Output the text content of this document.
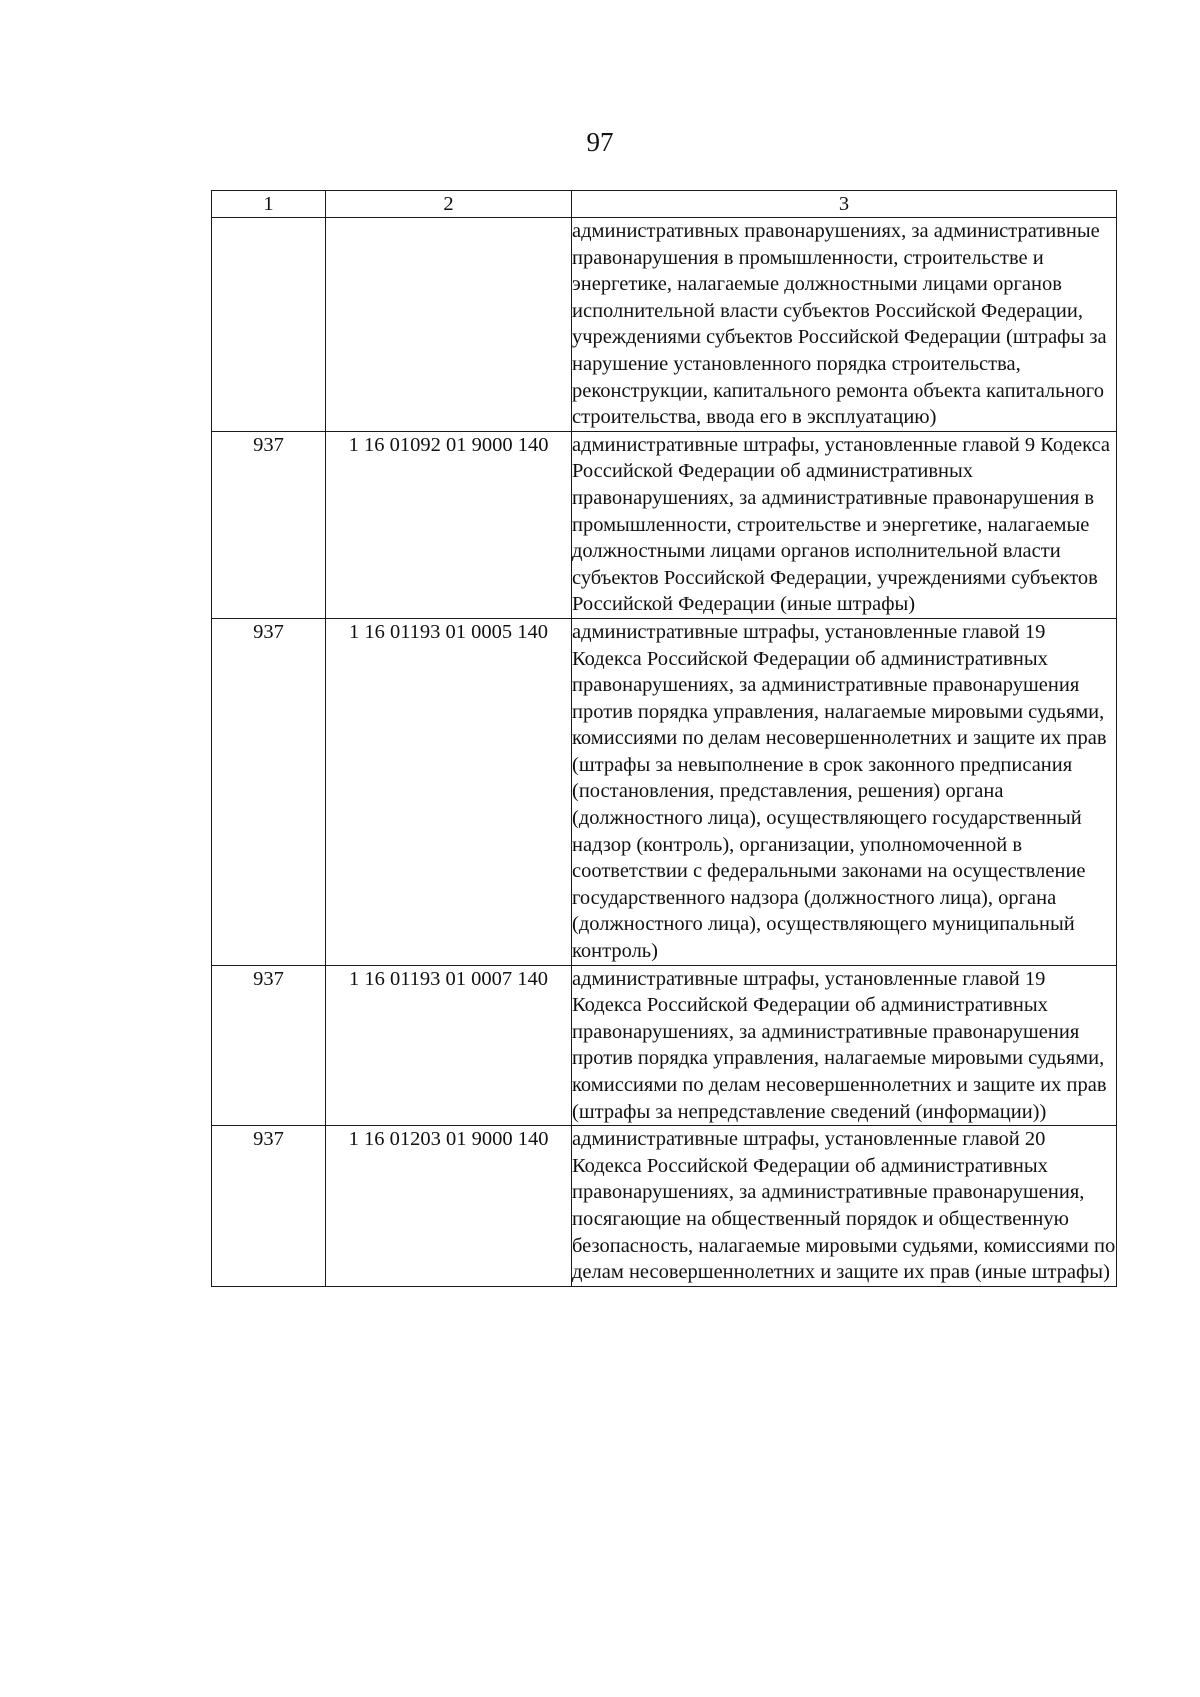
97
1	2	3
		административных правонарушениях, за административные правонарушения в промышленности, строительстве и энергетике, налагаемые должностными лицами органов исполнительной власти субъектов Российской Федерации, учреждениями субъектов Российской Федерации (штрафы за нарушение установленного порядка строительства, реконструкции, капитального ремонта объекта капитального строительства, ввода его в эксплуатацию)
937	1 16 01092 01 9000 140	административные штрафы, установленные главой 9 Кодекса Российской Федерации об административных правонарушениях, за административные правонарушения в промышленности, строительстве и энергетике, налагаемые должностными лицами органов исполнительной власти субъектов Российской Федерации, учреждениями субъектов Российской Федерации (иные штрафы)
937	1 16 01193 01 0005 140	административные штрафы, установленные главой 19 Кодекса Российской Федерации об административных правонарушениях, за административные правонарушения против порядка управления, налагаемые мировыми судьями, комиссиями по делам несовершеннолетних и защите их прав (штрафы за невыполнение в срок законного предписания (постановления, представления, решения) органа (должностного лица), осуществляющего государственный надзор (контроль), организации, уполномоченной в соответствии с федеральными законами на осуществление государственного надзора (должностного лица), органа (должностного лица), осуществляющего муниципальный контроль)
937	1 16 01193 01 0007 140	административные штрафы, установленные главой 19 Кодекса Российской Федерации об административных правонарушениях, за административные правонарушения против порядка управления, налагаемые мировыми судьями, комиссиями по делам несовершеннолетних и защите их прав (штрафы за непредставление сведений (информации))
937	1 16 01203 01 9000 140	административные штрафы, установленные главой 20 Кодекса Российской Федерации об административных правонарушениях, за административные правонарушения, посягающие на общественный порядок и общественную безопасность, налагаемые мировыми судьями, комиссиями по делам несовершеннолетних и защите их прав (иные штрафы)
